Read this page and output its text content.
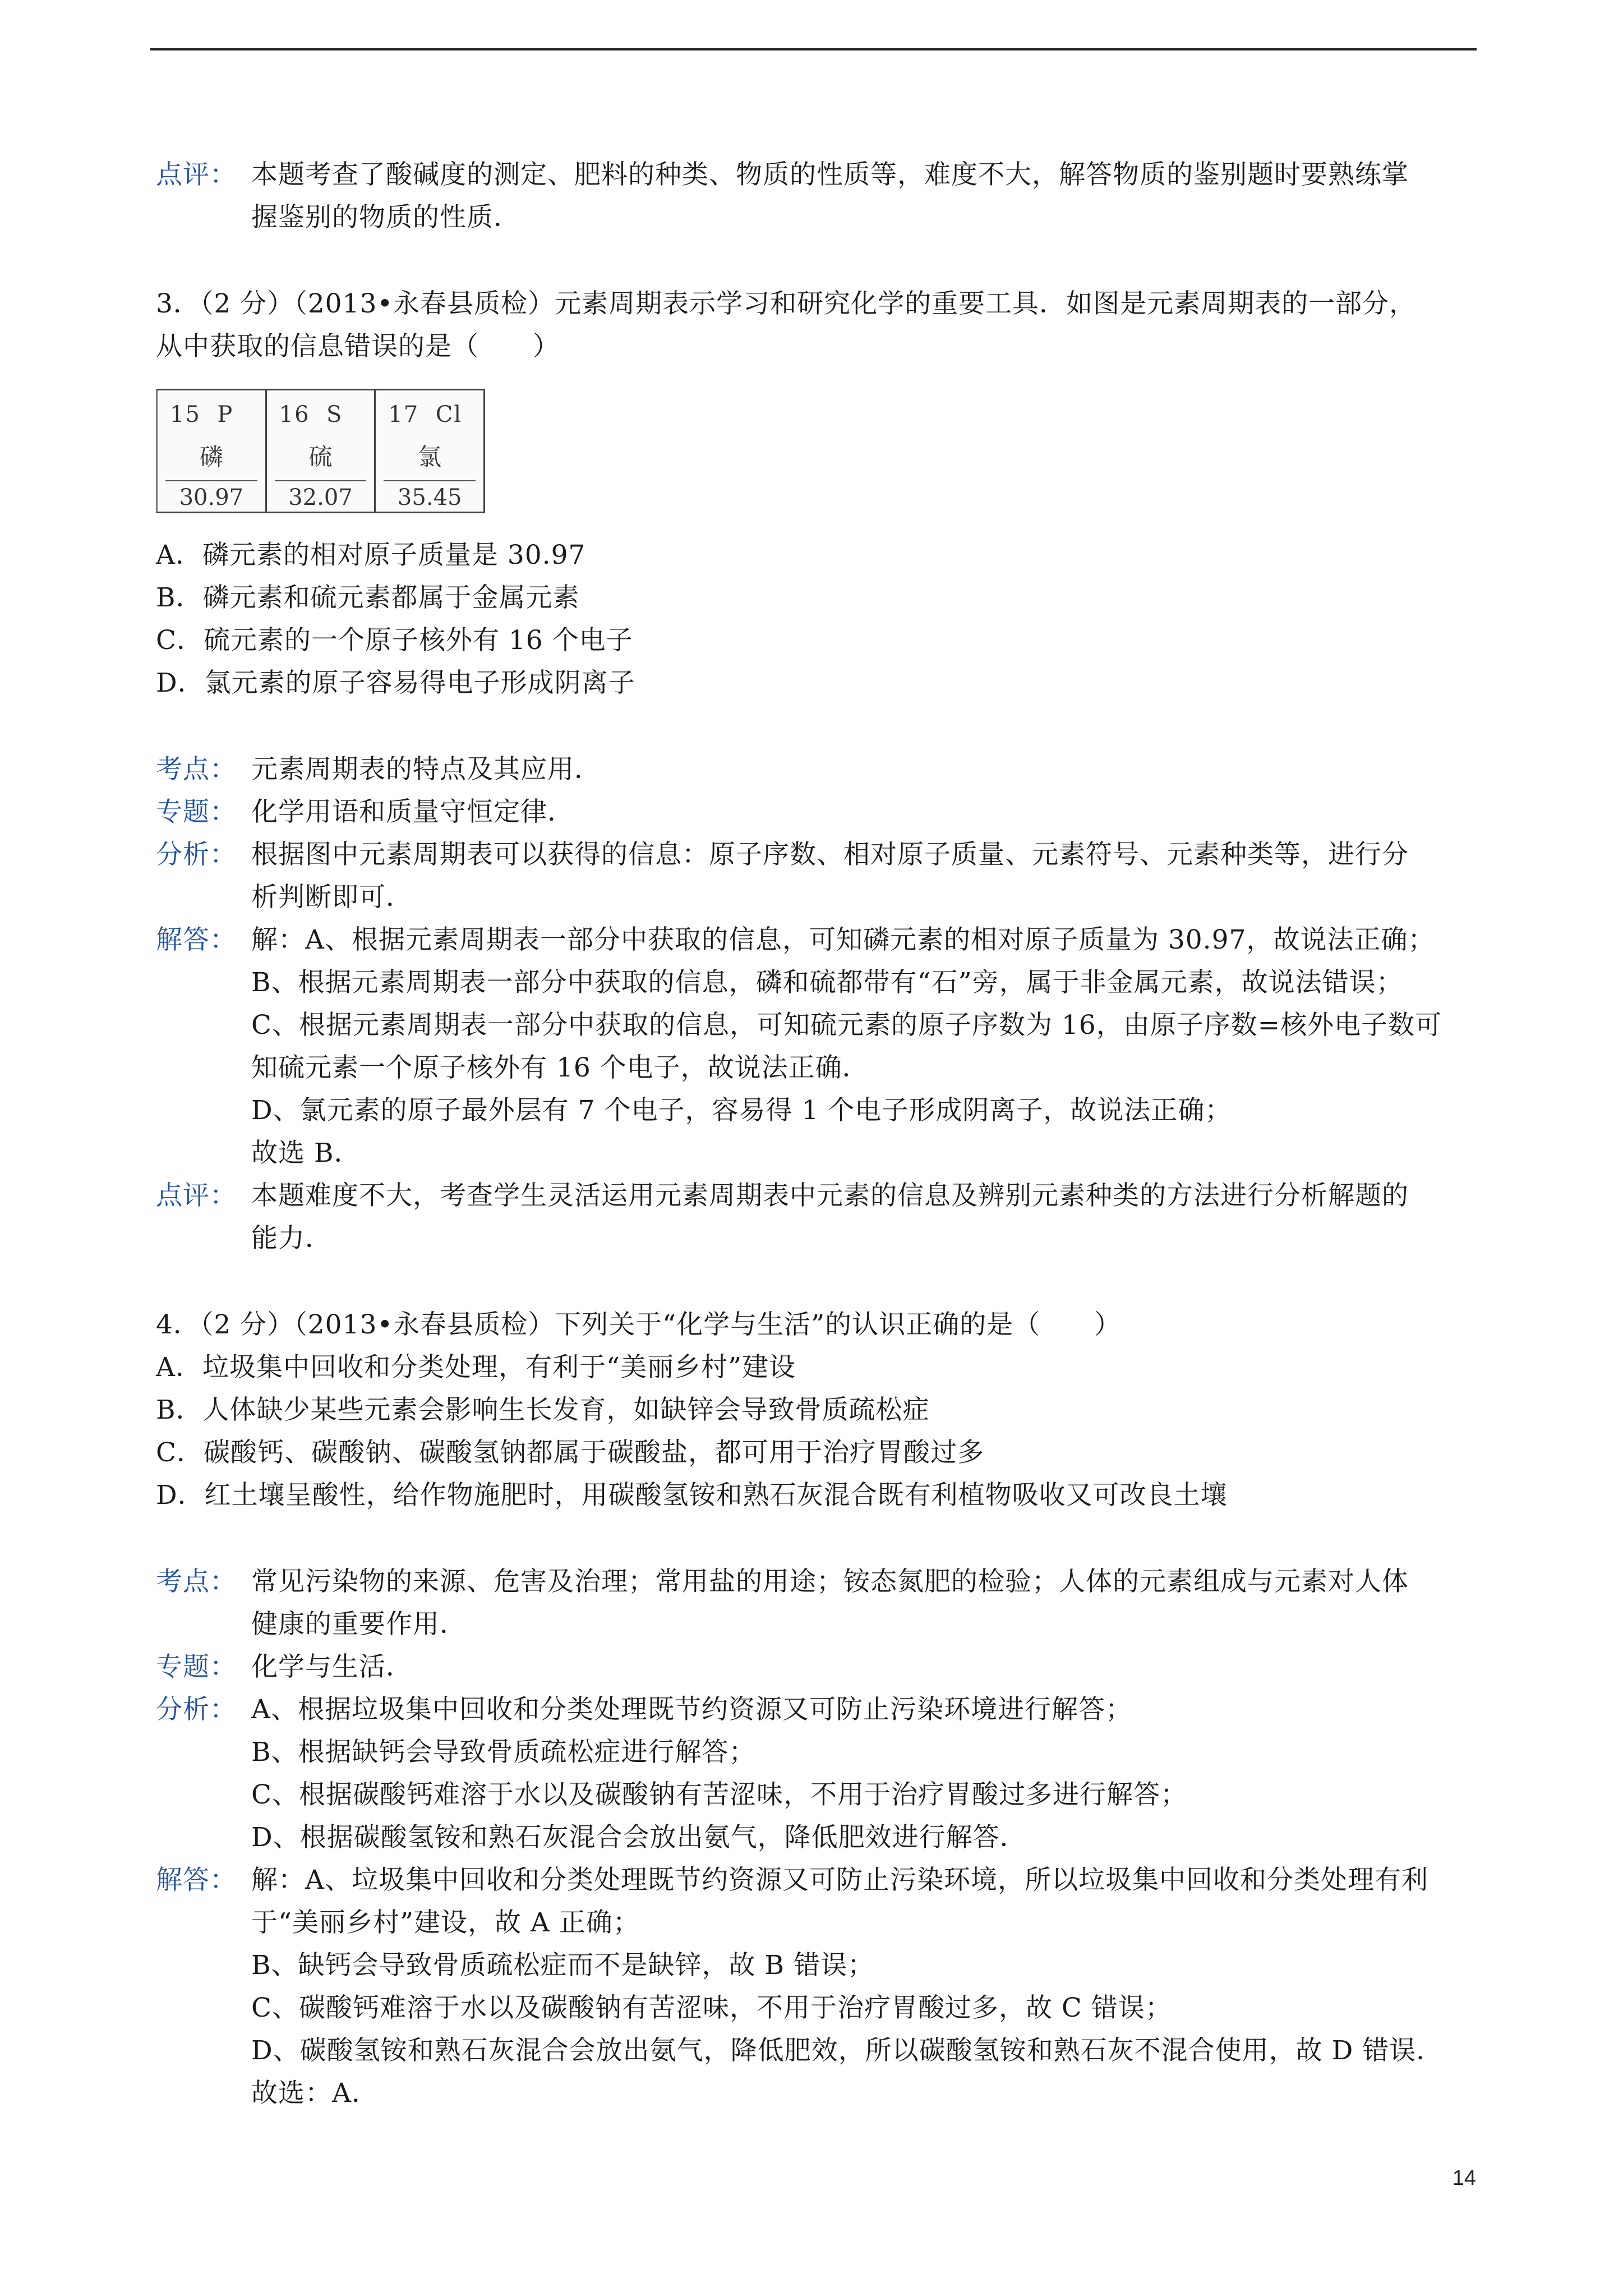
点评： 本题考查了酸碱度的测定、肥料的种类、物质的性质等，难度不大，解答物质的鉴别题时要熟练掌
握鉴别的物质的性质．
3．（2 分）（2013•永春县质检）元素周期表示学习和研究化学的重要工具．如图是元素周期表的一部分，
从中获取的信息错误的是（　　）
15 P
磷
30.97
16 S
硫
32.07
17 Cl
氯
35.45
A．磷元素的相对原子质量是 30.97
B．磷元素和硫元素都属于金属元素
C．硫元素的一个原子核外有 16 个电子
D．氯元素的原子容易得电子形成阴离子
考点： 元素周期表的特点及其应用．
专题： 化学用语和质量守恒定律．
分析： 根据图中元素周期表可以获得的信息：原子序数、相对原子质量、元素符号、元素种类等，进行分
析判断即可．
解答： 解：A、根据元素周期表一部分中获取的信息，可知磷元素的相对原子质量为 30.97，故说法正确；
B、根据元素周期表一部分中获取的信息，磷和硫都带有“石”旁，属于非金属元素，故说法错误；
C、根据元素周期表一部分中获取的信息，可知硫元素的原子序数为 16，由原子序数=核外电子数可
知硫元素一个原子核外有 16 个电子，故说法正确．
D、氯元素的原子最外层有 7 个电子，容易得 1 个电子形成阴离子，故说法正确；
故选 B．
点评： 本题难度不大，考查学生灵活运用元素周期表中元素的信息及辨别元素种类的方法进行分析解题的
能力．
4．（2 分）（2013•永春县质检）下列关于“化学与生活”的认识正确的是（　　）
A．垃圾集中回收和分类处理，有利于“美丽乡村”建设
B．人体缺少某些元素会影响生长发育，如缺锌会导致骨质疏松症
C．碳酸钙、碳酸钠、碳酸氢钠都属于碳酸盐，都可用于治疗胃酸过多
D．红土壤呈酸性，给作物施肥时，用碳酸氢铵和熟石灰混合既有利植物吸收又可改良土壤
考点： 常见污染物的来源、危害及治理；常用盐的用途；铵态氮肥的检验；人体的元素组成与元素对人体
健康的重要作用．
专题： 化学与生活．
分析： A、根据垃圾集中回收和分类处理既节约资源又可防止污染环境进行解答；
B、根据缺钙会导致骨质疏松症进行解答；
C、根据碳酸钙难溶于水以及碳酸钠有苦涩味，不用于治疗胃酸过多进行解答；
D、根据碳酸氢铵和熟石灰混合会放出氨气，降低肥效进行解答．
解答： 解：A、垃圾集中回收和分类处理既节约资源又可防止污染环境，所以垃圾集中回收和分类处理有利
于“美丽乡村”建设，故 A 正确；
B、缺钙会导致骨质疏松症而不是缺锌，故 B 错误；
C、碳酸钙难溶于水以及碳酸钠有苦涩味，不用于治疗胃酸过多，故 C 错误；
D、碳酸氢铵和熟石灰混合会放出氨气，降低肥效，所以碳酸氢铵和熟石灰不混合使用，故 D 错误．
故选：A．
14
